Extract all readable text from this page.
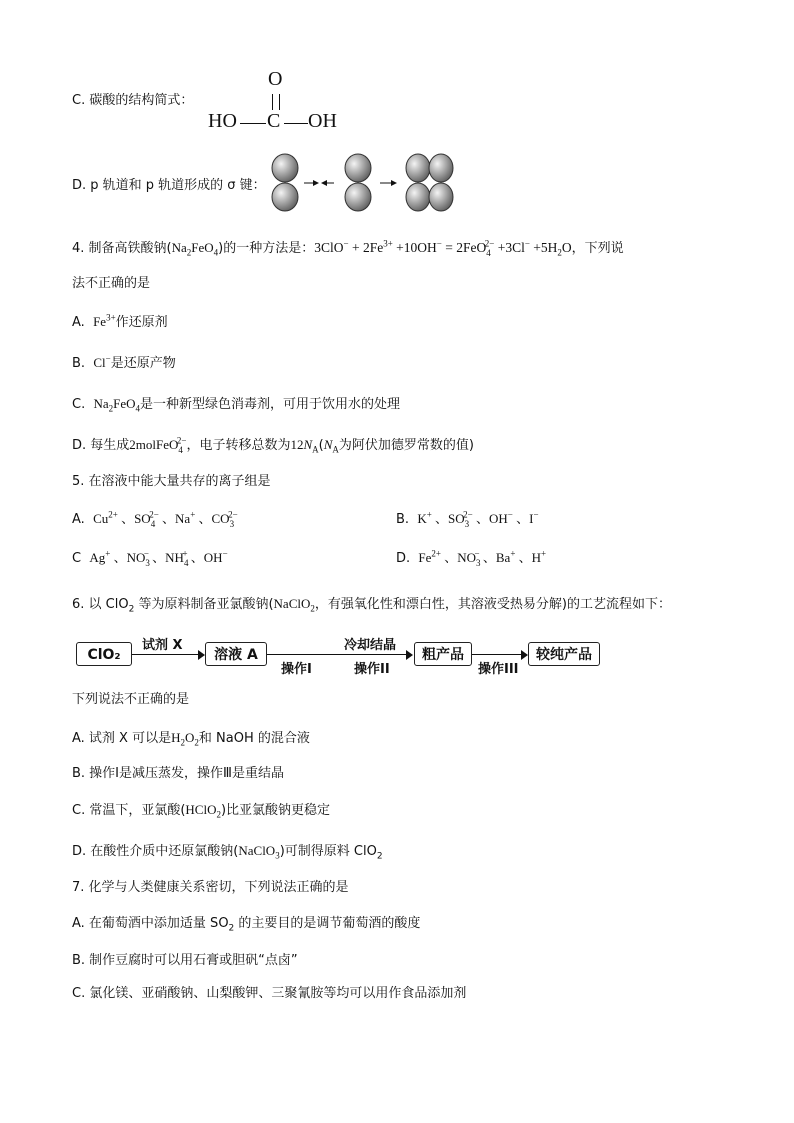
C. 碳酸的结构简式：
O
HO C OH
D. p 轨道和 p 轨道形成的 σ 键：
4. 制备高铁酸钠$(Na_2FeO_4)$的一种方法是：$3ClO^- + 2Fe^{3+} +10OH^- = 2FeO_4^{2-} +3Cl^- +5H_2O$，下列说
法不正确的是
A. $Fe^{3+}$作还原剂
B. Cl−是还原产物
C. $Na_2FeO_4$是一种新型绿色消毒剂，可用于饮用水的处理
D. 每生成2molFeO$_4^{2-}$，电子转移总数为$12N_A(N_A$为阿伏加德罗常数的值)
5. 在溶液中能大量共存的离子组是
A. $Cu^{2+}$ 、$SO_4^{2-}$ 、Na+ 、$CO_3^{2-}$	B. K+ 、$SO_3^{2-}$ 、OH− 、I−
C Ag+ 、$NO_3^-$ 、$NH_4^+$ 、OH−	D. $Fe^{2+}$ 、$NO_3^-$ 、Ba+ 、H+
6. 以 ClO$_2$ 等为原料制备亚氯酸钠(NaClO$_2$，有强氧化性和漂白性，其溶液受热易分解)的工艺流程如下：
ClO₂
试剂 X
溶液 A
操作I
冷却结晶
操作II
粗产品
操作III
较纯产品
下列说法不正确的是
A. 试剂 X 可以是$H_2O_2$和 NaOH 的混合液
B. 操作Ⅰ是减压蒸发，操作Ⅲ是重结晶
C. 常温下，亚氯酸(HClO$_2$)比亚氯酸钠更稳定
D. 在酸性介质中还原氯酸钠(NaClO$_3$)可制得原料 ClO$_2$
7. 化学与人类健康关系密切，下列说法正确的是
A. 在葡萄酒中添加适量 $SO_2$ 的主要目的是调节葡萄酒的酸度
B. 制作豆腐时可以用石膏或胆矾“点卤”
C. 氯化镁、亚硝酸钠、山梨酸钾、三聚氰胺等均可以用作食品添加剂
